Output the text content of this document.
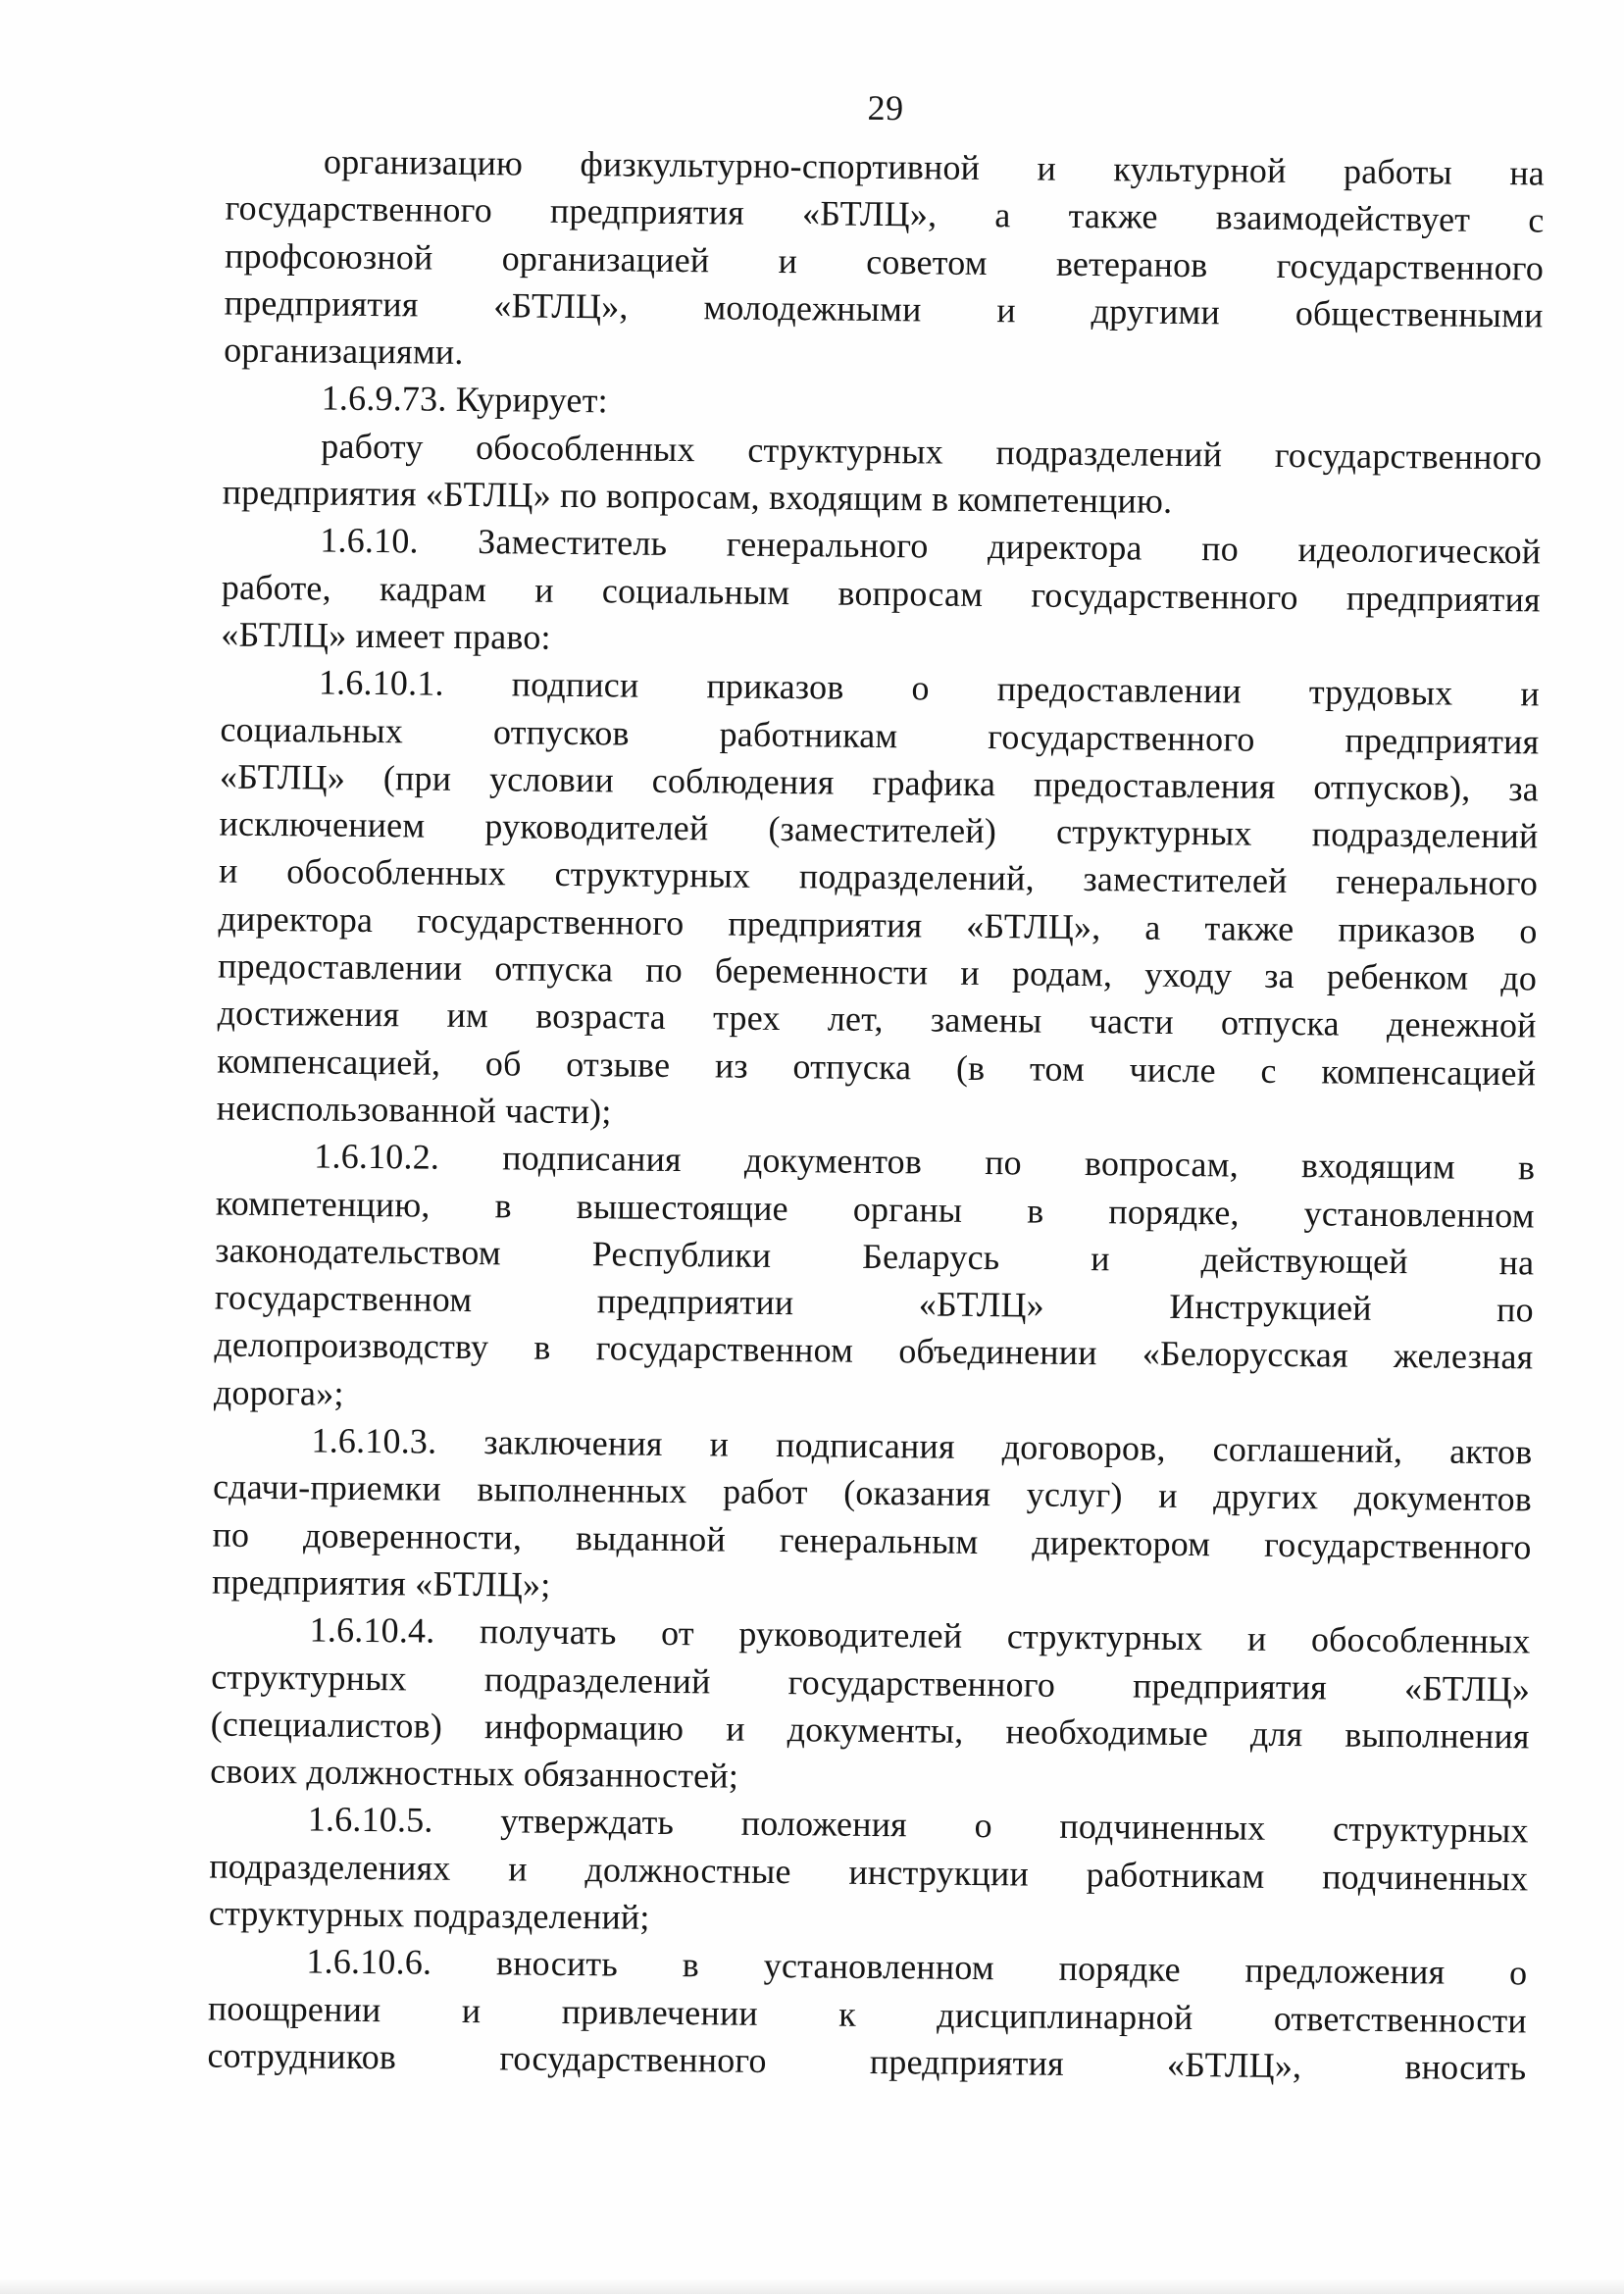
29
организацию физкультурно-спортивной и культурной работы на
государственного предприятия «БТЛЦ», а также взаимодействует с
профсоюзной организацией и советом ветеранов государственного
предприятия «БТЛЦ», молодежными и другими общественными
организациями.
1.6.9.73. Курирует:
работу обособленных структурных подразделений государственного
предприятия «БТЛЦ» по вопросам, входящим в компетенцию.
1.6.10. Заместитель генерального директора по идеологической
работе, кадрам и социальным вопросам государственного предприятия
«БТЛЦ» имеет право:
1.6.10.1. подписи приказов о предоставлении трудовых и
социальных отпусков работникам государственного предприятия
«БТЛЦ» (при условии соблюдения графика предоставления отпусков), за
исключением руководителей (заместителей) структурных подразделений
и обособленных структурных подразделений, заместителей генерального
директора государственного предприятия «БТЛЦ», а также приказов о
предоставлении отпуска по беременности и родам, уходу за ребенком до
достижения им возраста трех лет, замены части отпуска денежной
компенсацией, об отзыве из отпуска (в том числе с компенсацией
неиспользованной части);
1.6.10.2. подписания документов по вопросам, входящим в
компетенцию, в вышестоящие органы в порядке, установленном
законодательством Республики Беларусь и действующей на
государственном предприятии «БТЛЦ» Инструкцией по
делопроизводству в государственном объединении «Белорусская железная
дорога»;
1.6.10.3. заключения и подписания договоров, соглашений, актов
сдачи-приемки выполненных работ (оказания услуг) и других документов
по доверенности, выданной генеральным директором государственного
предприятия «БТЛЦ»;
1.6.10.4. получать от руководителей структурных и обособленных
структурных подразделений государственного предприятия «БТЛЦ»
(специалистов) информацию и документы, необходимые для выполнения
своих должностных обязанностей;
1.6.10.5. утверждать положения о подчиненных структурных
подразделениях и должностные инструкции работникам подчиненных
структурных подразделений;
1.6.10.6. вносить в установленном порядке предложения о
поощрении и привлечении к дисциплинарной ответственности
сотрудников государственного предприятия «БТЛЦ», вносить
